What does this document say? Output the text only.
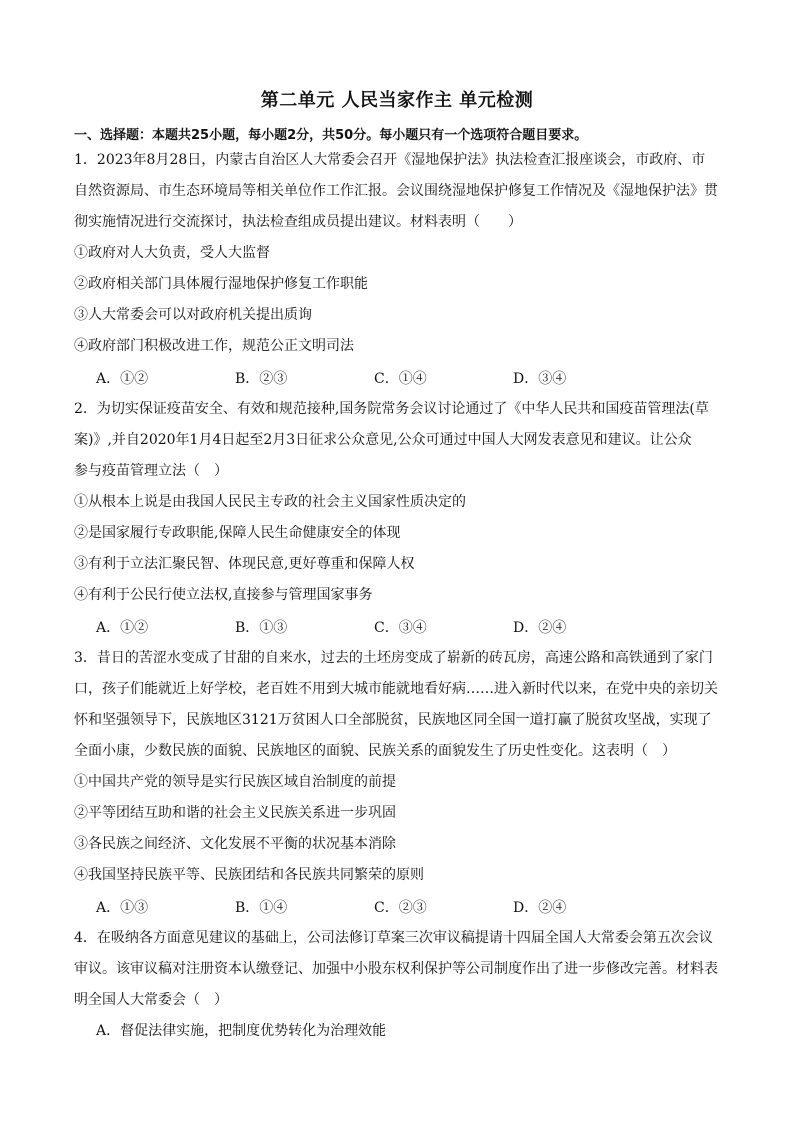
第二单元 人民当家作主 单元检测
一、选择题：本题共25小题，每小题2分，共50分。每小题只有一个选项符合题目要求。
1．2023年8月28日，内蒙古自治区人大常委会召开《湿地保护法》执法检查汇报座谈会，市政府、市
自然资源局、市生态环境局等相关单位作工作汇报。会议围绕湿地保护修复工作情况及《湿地保护法》贯
彻实施情况进行交流探讨，执法检查组成员提出建议。材料表明（　　）
①政府对人大负责，受人大监督
②政府相关部门具体履行湿地保护修复工作职能
③人大常委会可以对政府机关提出质询
④政府部门积极改进工作，规范公正文明司法
A．①②	B．②③	C．①④	D．③④
2．为切实保证疫苗安全、有效和规范接种,国务院常务会议讨论通过了《中华人民共和国疫苗管理法(草
案)》,并自2020年1月4日起至2月3日征求公众意见,公众可通过中国人大网发表意见和建议。让公众
参与疫苗管理立法（　）
①从根本上说是由我国人民民主专政的社会主义国家性质决定的
②是国家履行专政职能,保障人民生命健康安全的体现
③有利于立法汇聚民智、体现民意,更好尊重和保障人权
④有利于公民行使立法权,直接参与管理国家事务
A．①②	B．①③	C．③④	D．②④
3．昔日的苦涩水变成了甘甜的自来水，过去的土坯房变成了崭新的砖瓦房，高速公路和高铁通到了家门
口，孩子们能就近上好学校，老百姓不用到大城市能就地看好病……进入新时代以来，在党中央的亲切关
怀和坚强领导下，民族地区3121万贫困人口全部脱贫，民族地区同全国一道打赢了脱贫攻坚战，实现了
全面小康，少数民族的面貌、民族地区的面貌、民族关系的面貌发生了历史性变化。这表明（　）
①中国共产党的领导是实行民族区域自治制度的前提
②平等团结互助和谐的社会主义民族关系进一步巩固
③各民族之间经济、文化发展不平衡的状况基本消除
④我国坚持民族平等、民族团结和各民族共同繁荣的原则
A．①③	B．①④	C．②③	D．②④
4．在吸纳各方面意见建议的基础上，公司法修订草案三次审议稿提请十四届全国人大常委会第五次会议
审议。该审议稿对注册资本认缴登记、加强中小股东权利保护等公司制度作出了进一步修改完善。材料表
明全国人大常委会（　）
A．督促法律实施，把制度优势转化为治理效能
